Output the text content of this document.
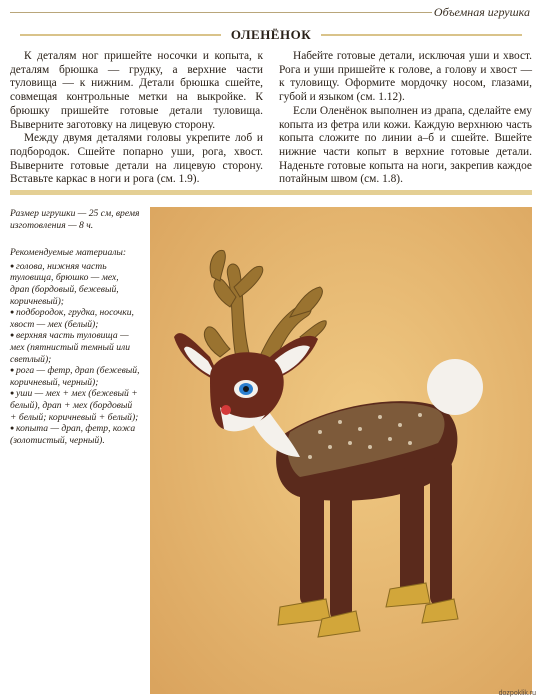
Объемная игрушка
ОЛЕНЁНОК

К деталям ног пришейте носочки и копыта, к деталям брюшка — грудку, а верхние части туловища — к нижним. Детали брюшка сшейте, совмещая контрольные метки на выкройке. К брюшку пришейте готовые детали туловища. Выверните заготовку на лицевую сторону.

Между двумя деталями головы укрепите лоб и подбородок. Сшейте попарно уши, рога, хвост. Выверните готовые детали на лицевую сторону. Вставьте каркас в ноги и рога (см. 1.9).

Набейте готовые детали, исключая уши и хвост. Рога и уши пришейте к голове, а голову и хвост — к туловищу. Оформите мордочку носом, глазами, губой и языком (см. 1.12).

Если Оленёнок выполнен из драпа, сделайте ему копыта из фетра или кожи. Каждую верхнюю часть копыта сложите по линии а–б и сшейте. Вшейте нижние части копыт в верхние готовые детали. Наденьте готовые копыта на ноги, закрепив каждое потайным швом (см. 1.8).

Размер игрушки — 25 см, время изготовления — 8 ч.
Рекомендуемые материалы:
● голова, нижняя часть туловища, брюшко — мех, драп (бордовый, бежевый, коричневый);
● подбородок, грудка, носочки, хвост — мех (белый);
● верхняя часть туловища — мех (пятнистый темный или светлый);
● рога — фетр, драп (бежевый, коричневый, черный);
● уши — мех + мех (бежевый + белый), драп + мех (бордовый + белый; коричневый + белый);
● копыта — драп, фетр, кожа (золотистый, черный).
dozpoklik.ru
